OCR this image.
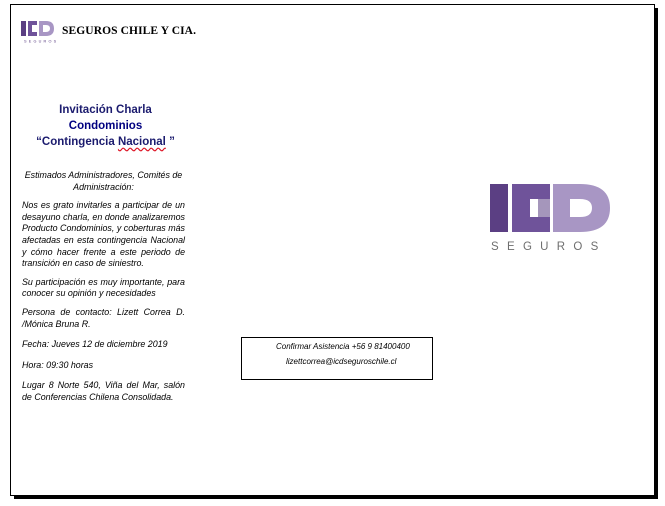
SEGUROS
SEGUROS CHILE Y CIA.
Invitación Charla
Condominios
“Contingencia Nacional ”

Estimados Administradores, Comités de Administración:

Nos es grato invitarles a participar de un desayuno charla, en donde analizaremos Producto Condominios, y coberturas más afectadas en esta contingencia Nacional y cómo hacer frente a este periodo de transición en caso de siniestro.

Su participación es muy importante, para conocer su opinión y necesidades

Persona de contacto: Lizett Correa D. /Mónica Bruna R.

Fecha: Jueves 12 de diciembre 2019

Hora: 09:30 horas

Lugar 8 Norte 540, Viña del Mar, salón de Conferencias Chilena Consolidada.

Confirmar Asistencia +56 9 81400400
lizettcorrea@icdseguroschile.cl
SEGUROS
